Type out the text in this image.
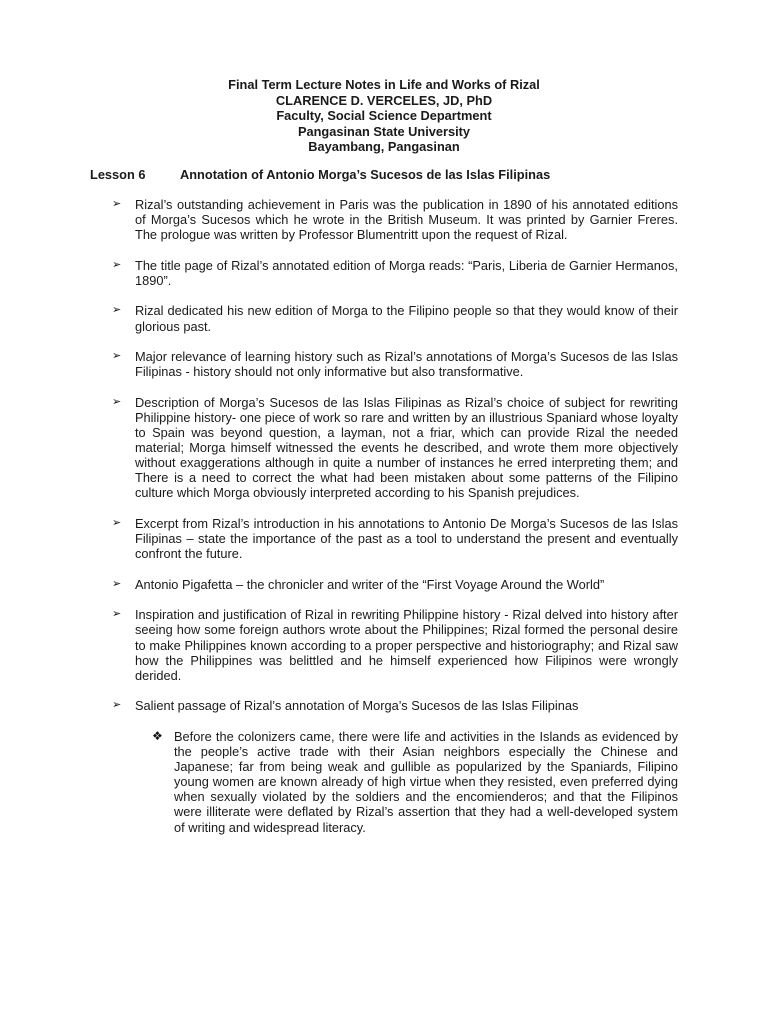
Final Term Lecture Notes in Life and Works of Rizal
CLARENCE D. VERCELES, JD, PhD
Faculty, Social Science Department
Pangasinan State University
Bayambang, Pangasinan
Lesson 6	Annotation of Antonio Morga’s Sucesos de las Islas Filipinas
➢ Rizal’s outstanding achievement in Paris was the publication in 1890 of his annotated editions of Morga’s Sucesos which he wrote in the British Museum. It was printed by Garnier Freres. The prologue was written by Professor Blumentritt upon the request of Rizal.
➢ The title page of Rizal’s annotated edition of Morga reads: “Paris, Liberia de Garnier Hermanos, 1890”.
➢ Rizal dedicated his new edition of Morga to the Filipino people so that they would know of their glorious past.
➢ Major relevance of learning history such as Rizal’s annotations of Morga’s Sucesos de las Islas Filipinas - history should not only informative but also transformative.
➢ Description of Morga’s Sucesos de las Islas Filipinas as Rizal’s choice of subject for rewriting Philippine history- one piece of work so rare and written by an illustrious Spaniard whose loyalty to Spain was beyond question, a layman, not a friar, which can provide Rizal the needed material; Morga himself witnessed the events he described, and wrote them more objectively without exaggerations although in quite a number of instances he erred interpreting them; and There is a need to correct the what had been mistaken about some patterns of the Filipino culture which Morga obviously interpreted according to his Spanish prejudices.
➢ Excerpt from Rizal’s introduction in his annotations to Antonio De Morga’s Sucesos de las Islas Filipinas – state the importance of the past as a tool to understand the present and eventually confront the future.
➢ Antonio Pigafetta – the chronicler and writer of the “First Voyage Around the World”
➢ Inspiration and justification of Rizal in rewriting Philippine history - Rizal delved into history after seeing how some foreign authors wrote about the Philippines; Rizal formed the personal desire to make Philippines known according to a proper perspective and historiography; and Rizal saw how the Philippines was belittled and he himself experienced how Filipinos were wrongly derided.
➢ Salient passage of Rizal’s annotation of Morga’s Sucesos de las Islas Filipinas
❖ Before the colonizers came, there were life and activities in the Islands as evidenced by the people’s active trade with their Asian neighbors especially the Chinese and Japanese; far from being weak and gullible as popularized by the Spaniards, Filipino young women are known already of high virtue when they resisted, even preferred dying when sexually violated by the soldiers and the encomienderos; and that the Filipinos were illiterate were deflated by Rizal’s assertion that they had a well-developed system of writing and widespread literacy.
